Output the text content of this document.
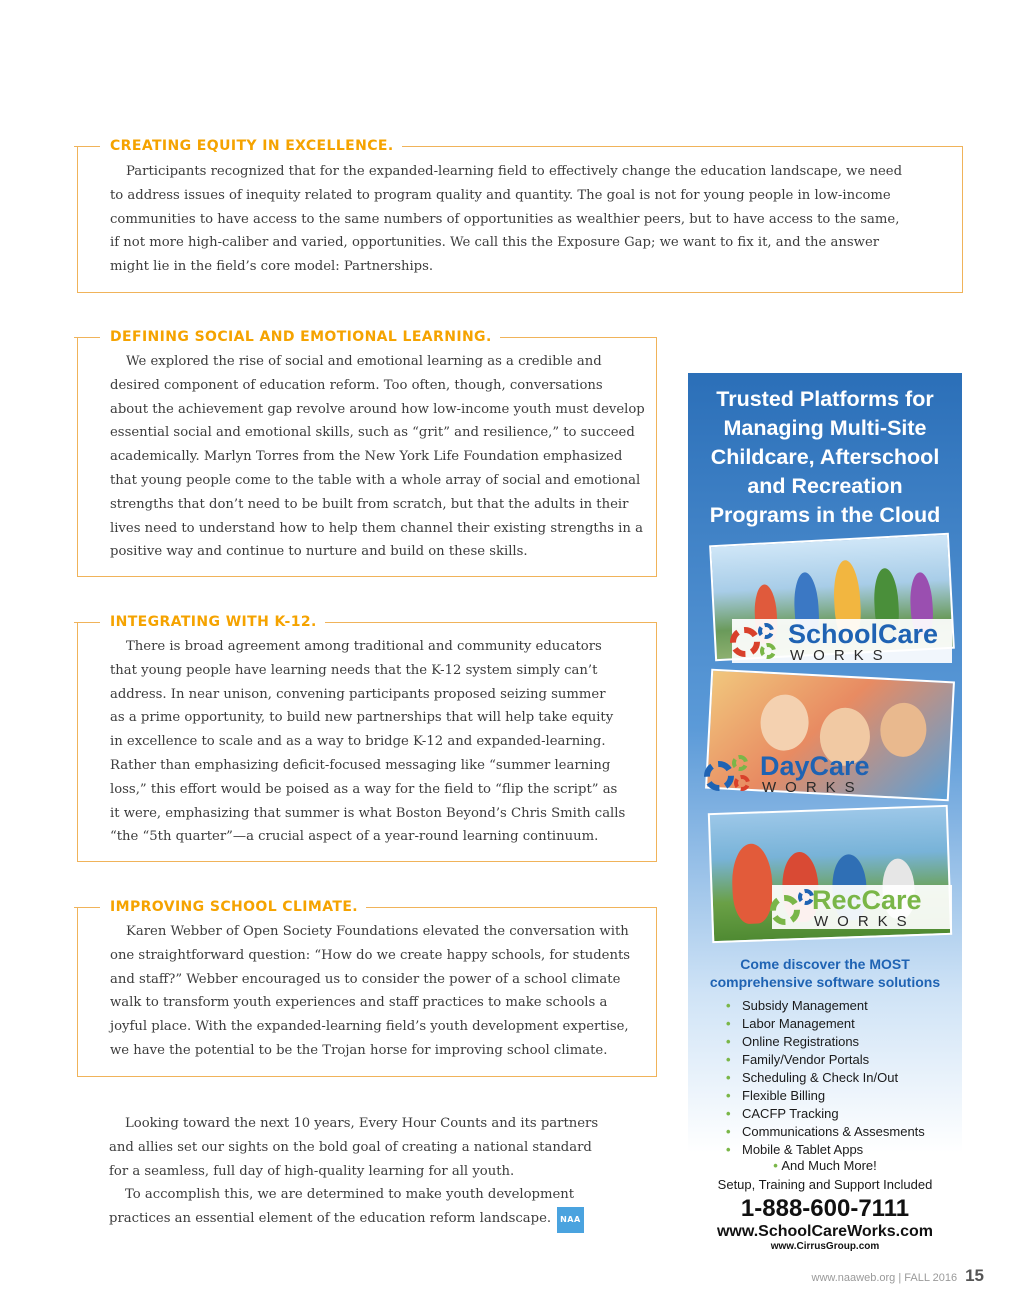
CREATING EQUITY IN EXCELLENCE.
Participants recognized that for the expanded-learning field to effectively change the education landscape, we need
to address issues of inequity related to program quality and quantity. The goal is not for young people in low-income
communities to have access to the same numbers of opportunities as wealthier peers, but to have access to the same,
if not more high-caliber and varied, opportunities. We call this the Exposure Gap; we want to fix it, and the answer
might lie in the field’s core model: Partnerships.
DEFINING SOCIAL AND EMOTIONAL LEARNING.
We explored the rise of social and emotional learning as a credible and
desired component of education reform. Too often, though, conversations
about the achievement gap revolve around how low-income youth must develop
essential social and emotional skills, such as “grit” and resilience,” to succeed
academically. Marlyn Torres from the New York Life Foundation emphasized
that young people come to the table with a whole array of social and emotional
strengths that don’t need to be built from scratch, but that the adults in their
lives need to understand how to help them channel their existing strengths in a
positive way and continue to nurture and build on these skills.
INTEGRATING WITH K-12.
There is broad agreement among traditional and community educators
that young people have learning needs that the K-12 system simply can’t
address. In near unison, convening participants proposed seizing summer
as a prime opportunity, to build new partnerships that will help take equity
in excellence to scale and as a way to bridge K-12 and expanded-learning.
Rather than emphasizing deficit-focused messaging like “summer learning
loss,” this effort would be poised as a way for the field to “flip the script” as
it were, emphasizing that summer is what Boston Beyond’s Chris Smith calls
“the “5th quarter”—a crucial aspect of a year-round learning continuum.
IMPROVING SCHOOL CLIMATE.
Karen Webber of Open Society Foundations elevated the conversation with
one straightforward question: “How do we create happy schools, for students
and staff?” Webber encouraged us to consider the power of a school climate
walk to transform youth experiences and staff practices to make schools a
joyful place. With the expanded-learning field’s youth development expertise,
we have the potential to be the Trojan horse for improving school climate.
Looking toward the next 10 years, Every Hour Counts and its partners
and allies set our sights on the bold goal of creating a national standard
for a seamless, full day of high-quality learning for all youth.
To accomplish this, we are determined to make youth development
practices an essential element of the education reform landscape. NAA
Trusted Platforms for
Managing Multi-Site
Childcare, Afterschool
and Recreation
Programs in the Cloud
SchoolCare
WORKS
DayCare
WORKS
RecCare
WORKS
Come discover the MOST
comprehensive software solutions
• Subsidy Management
• Labor Management
• Online Registrations
• Family/Vendor Portals
• Scheduling & Check In/Out
• Flexible Billing
• CACFP Tracking
• Communications & Assesments
• Mobile & Tablet Apps
• And Much More!
Setup, Training and Support Included
1-888-600-7111
www.SchoolCareWorks.com
www.CirrusGroup.com
www.naaweb.org | FALL 2016 15
